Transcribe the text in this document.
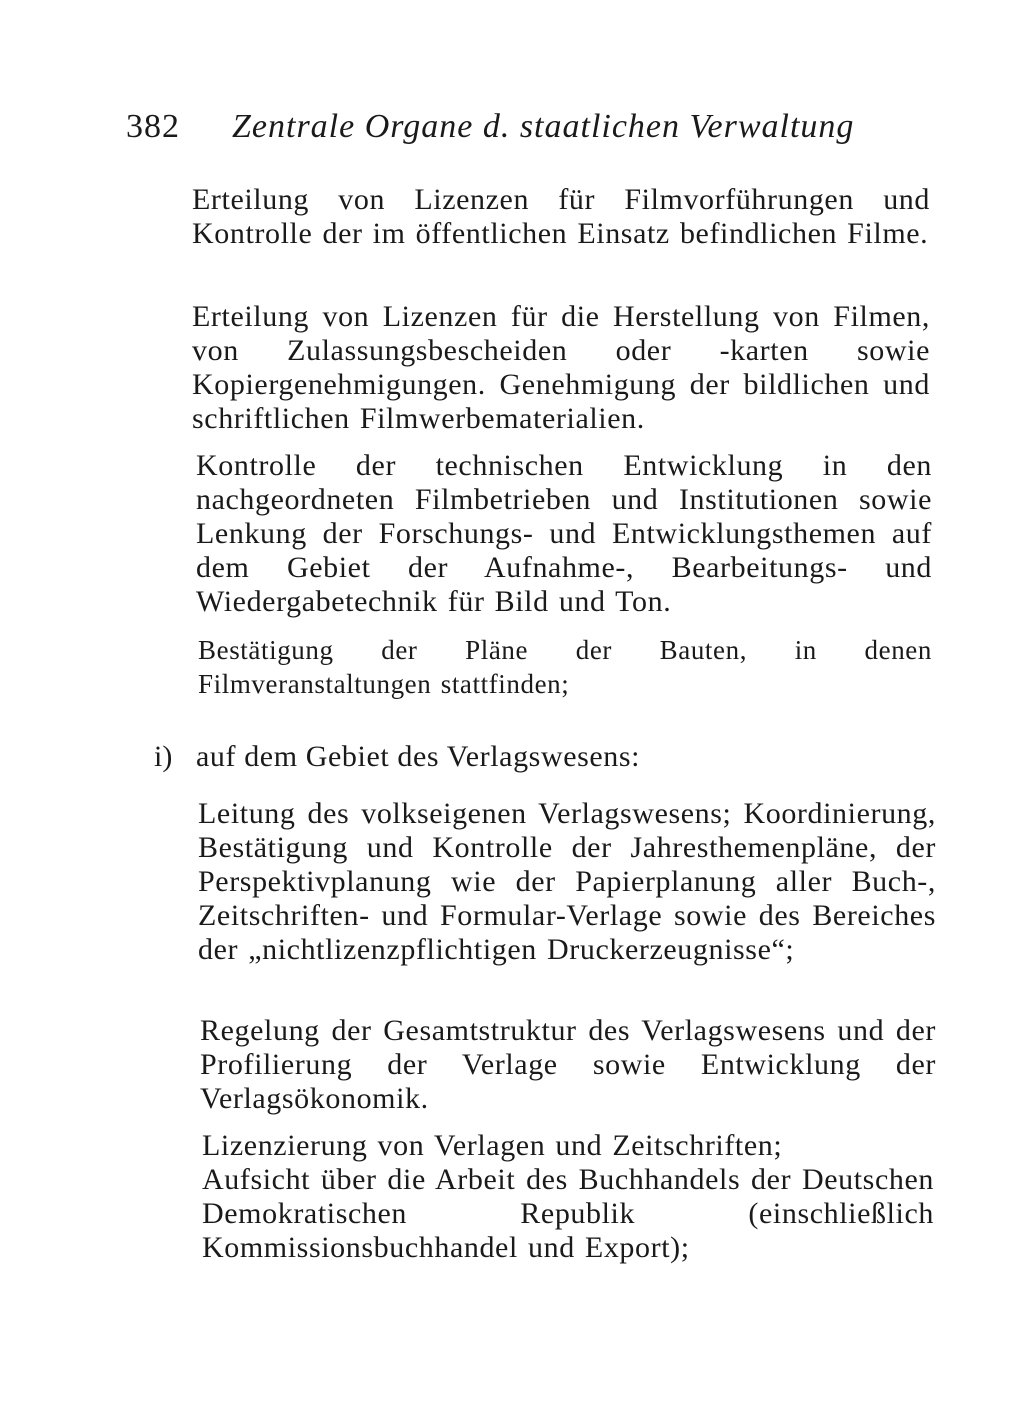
382 Zentrale Organe d. staatlichen Verwaltung

Erteilung von Lizenzen für Filmvorführungen und Kontrolle der im öffentlichen Einsatz befindlichen Filme.

Erteilung von Lizenzen für die Herstellung von Filmen, von Zulassungsbescheiden oder -karten sowie Kopiergenehmigungen. Genehmigung der bildlichen und schriftlichen Filmwerbematerialien.

Kontrolle der technischen Entwicklung in den nachgeordneten Filmbetrieben und Institutionen sowie Lenkung der Forschungs- und Entwicklungsthemen auf dem Gebiet der Aufnahme-, Bearbeitungs- und Wiedergabetechnik für Bild und Ton.

Bestätigung der Pläne der Bauten, in denen Filmveranstaltungen stattfinden;

i) auf dem Gebiet des Verlagswesens:

Leitung des volkseigenen Verlagswesens; Koordinierung, Bestätigung und Kontrolle der Jahresthemenpläne, der Perspektivplanung wie der Papierplanung aller Buch-, Zeitschriften- und Formular-Verlage sowie des Bereiches der „nichtlizenzpflichtigen Druckerzeugnisse“;

Regelung der Gesamtstruktur des Verlagswesens und der Profilierung der Verlage sowie Entwicklung der Verlagsökonomik.

Lizenzierung von Verlagen und Zeitschriften;

Aufsicht über die Arbeit des Buchhandels der Deutschen Demokratischen Republik (einschließlich Kommissionsbuchhandel und Export);
